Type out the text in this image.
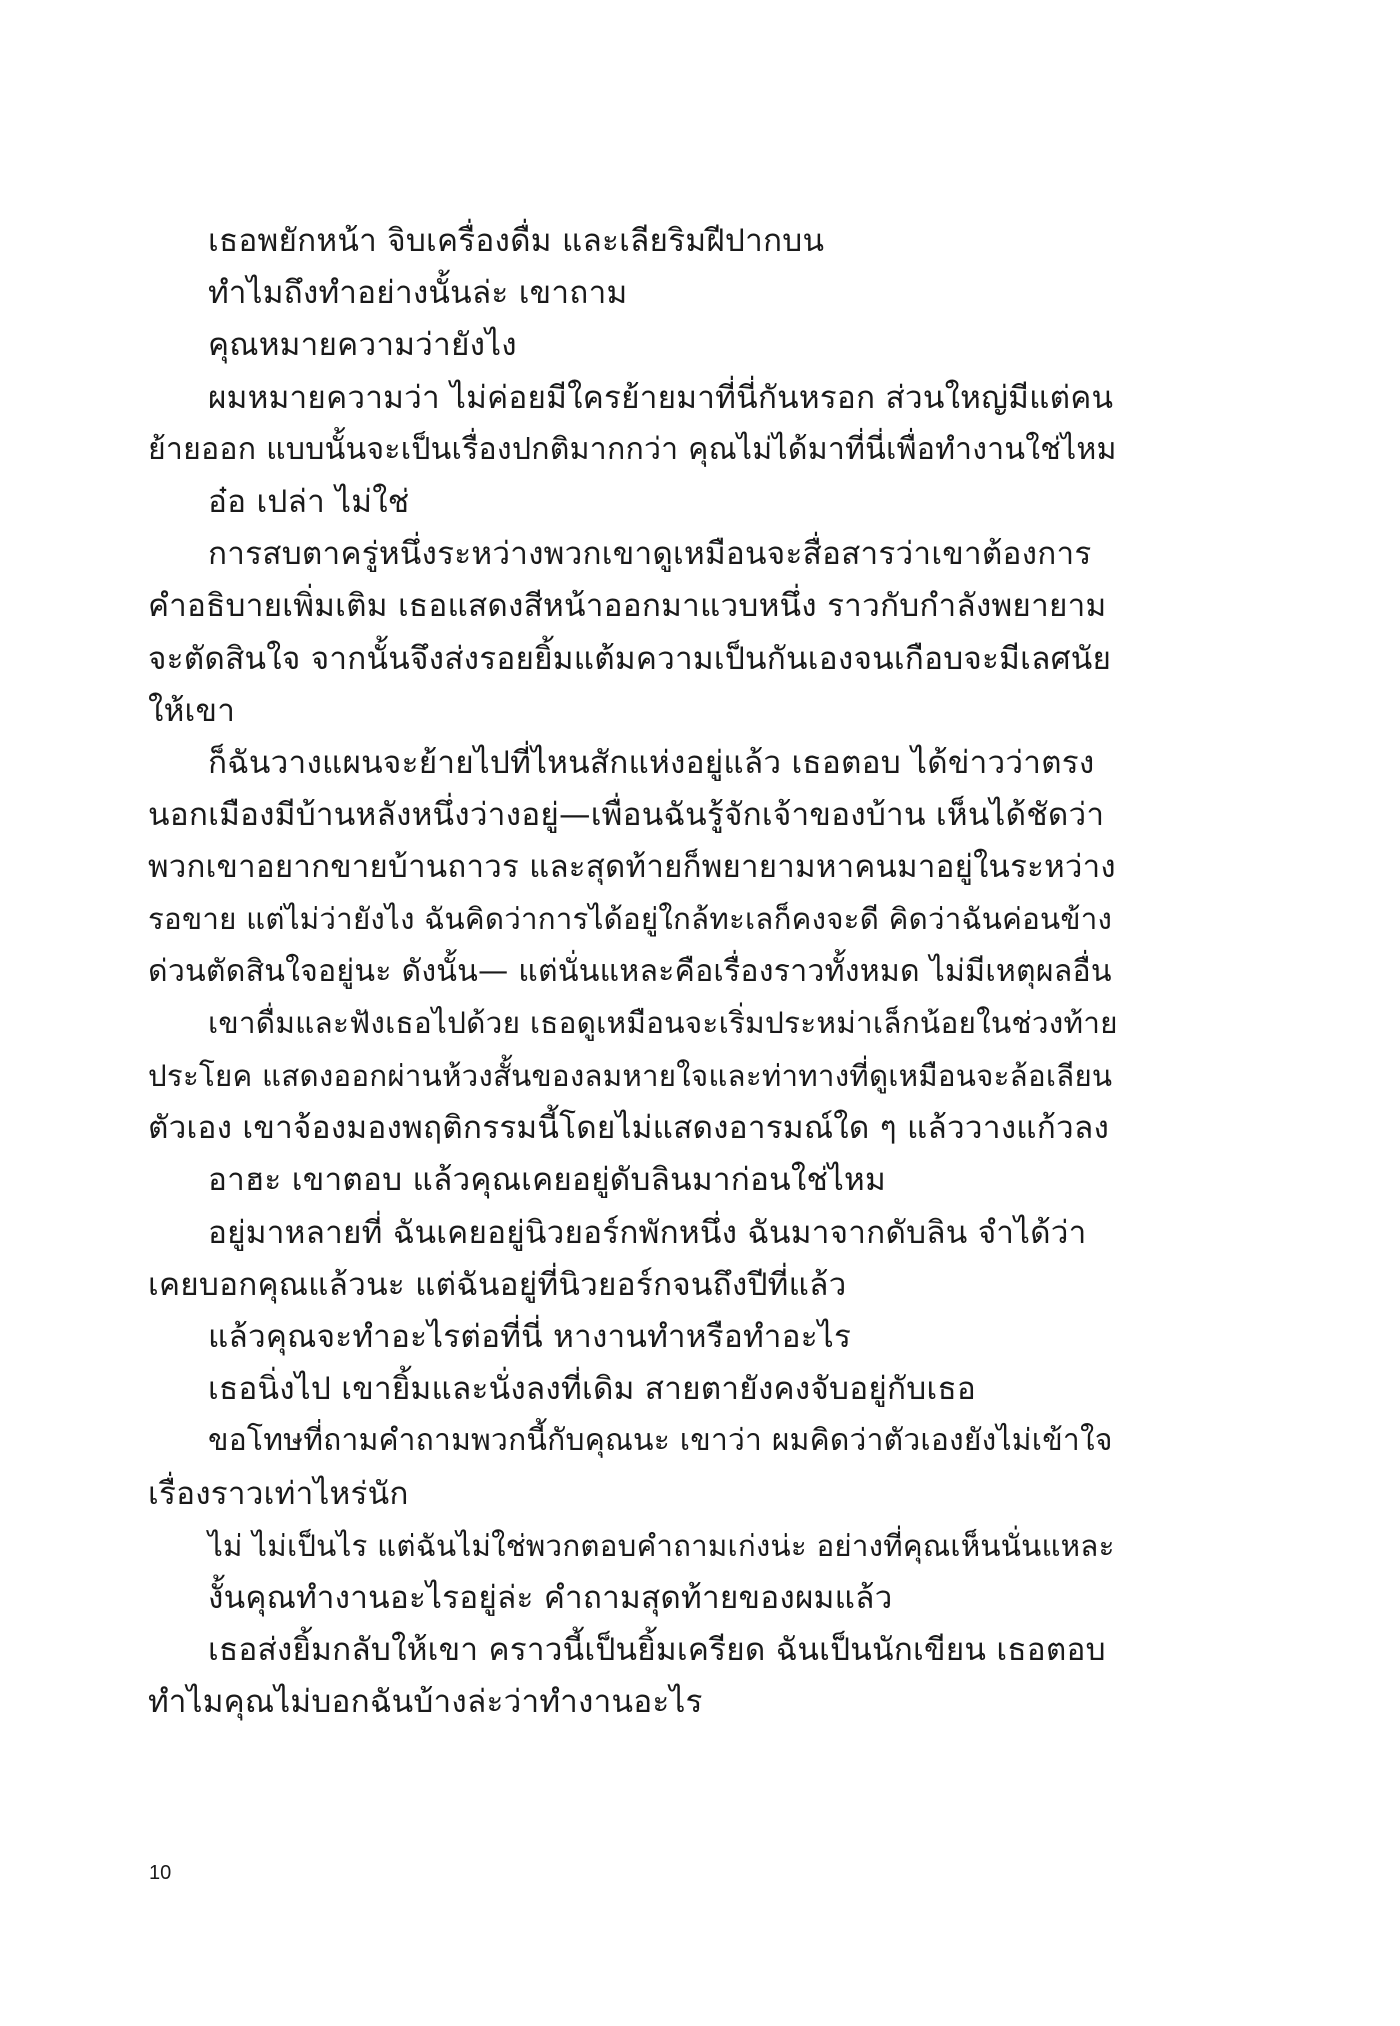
เธอพยักหน้า จิบเครื่องดื่ม และเลียริมฝีปากบน
ทำไมถึงทำอย่างนั้นล่ะ เขาถาม
คุณหมายความว่ายังไง
ผมหมายความว่า ไม่ค่อยมีใครย้ายมาที่นี่กันหรอก ส่วนใหญ่มีแต่คน
ย้ายออก แบบนั้นจะเป็นเรื่องปกติมากกว่า คุณไม่ได้มาที่นี่เพื่อทำงานใช่ไหม
อ๋อ เปล่า ไม่ใช่
การสบตาครู่หนึ่งระหว่างพวกเขาดูเหมือนจะสื่อสารว่าเขาต้องการ
คำอธิบายเพิ่มเติม เธอแสดงสีหน้าออกมาแวบหนึ่ง ราวกับกำลังพยายาม
จะตัดสินใจ จากนั้นจึงส่งรอยยิ้มแต้มความเป็นกันเองจนเกือบจะมีเลศนัย
ให้เขา
ก็ฉันวางแผนจะย้ายไปที่ไหนสักแห่งอยู่แล้ว เธอตอบ ได้ข่าวว่าตรง
นอกเมืองมีบ้านหลังหนึ่งว่างอยู่—เพื่อนฉันรู้จักเจ้าของบ้าน เห็นได้ชัดว่า
พวกเขาอยากขายบ้านถาวร และสุดท้ายก็พยายามหาคนมาอยู่ในระหว่าง
รอขาย แต่ไม่ว่ายังไง ฉันคิดว่าการได้อยู่ใกล้ทะเลก็คงจะดี คิดว่าฉันค่อนข้าง
ด่วนตัดสินใจอยู่นะ ดังนั้น— แต่นั่นแหละคือเรื่องราวทั้งหมด ไม่มีเหตุผลอื่น
เขาดื่มและฟังเธอไปด้วย เธอดูเหมือนจะเริ่มประหม่าเล็กน้อยในช่วงท้าย
ประโยค แสดงออกผ่านห้วงสั้นของลมหายใจและท่าทางที่ดูเหมือนจะล้อเลียน
ตัวเอง เขาจ้องมองพฤติกรรมนี้โดยไม่แสดงอารมณ์ใด ๆ แล้ววางแก้วลง
อาฮะ เขาตอบ แล้วคุณเคยอยู่ดับลินมาก่อนใช่ไหม
อยู่มาหลายที่ ฉันเคยอยู่นิวยอร์กพักหนึ่ง ฉันมาจากดับลิน จำได้ว่า
เคยบอกคุณแล้วนะ แต่ฉันอยู่ที่นิวยอร์กจนถึงปีที่แล้ว
แล้วคุณจะทำอะไรต่อที่นี่ หางานทำหรือทำอะไร
เธอนิ่งไป เขายิ้มและนั่งลงที่เดิม สายตายังคงจับอยู่กับเธอ
ขอโทษที่ถามคำถามพวกนี้กับคุณนะ เขาว่า ผมคิดว่าตัวเองยังไม่เข้าใจ
เรื่องราวเท่าไหร่นัก
ไม่ ไม่เป็นไร แต่ฉันไม่ใช่พวกตอบคำถามเก่งน่ะ อย่างที่คุณเห็นนั่นแหละ
งั้นคุณทำงานอะไรอยู่ล่ะ คำถามสุดท้ายของผมแล้ว
เธอส่งยิ้มกลับให้เขา คราวนี้เป็นยิ้มเครียด ฉันเป็นนักเขียน เธอตอบ
ทำไมคุณไม่บอกฉันบ้างล่ะว่าทำงานอะไร
10
